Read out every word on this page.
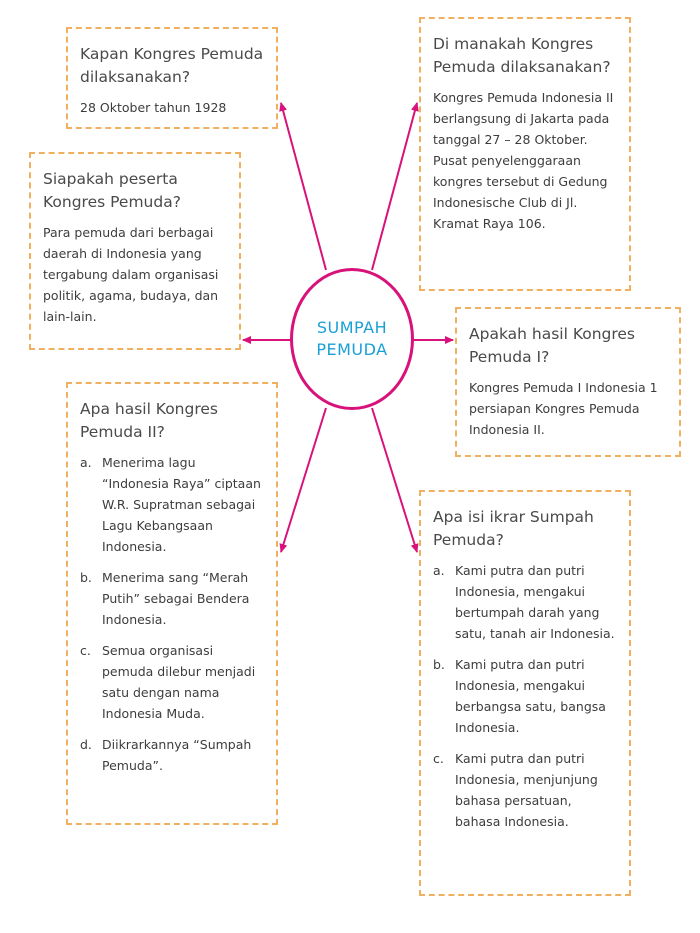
SUMPAH
PEMUDA

Kapan Kongres Pemuda dilaksanakan?

28 Oktober tahun 1928

Di manakah Kongres Pemuda dilaksanakan?

Kongres Pemuda Indonesia II berlangsung di Jakarta pada tanggal 27 – 28 Oktober. Pusat penyelenggaraan kongres tersebut di Gedung Indonesische Club di Jl. Kramat Raya 106.

Siapakah peserta Kongres Pemuda?

Para pemuda dari berbagai daerah di Indonesia yang tergabung dalam organisasi politik, agama, budaya, dan lain-lain.

Apakah hasil Kongres Pemuda I?

Kongres Pemuda I Indonesia 1 persiapan Kongres Pemuda Indonesia II.

Apa hasil Kongres Pemuda II?

a. Menerima lagu “Indonesia Raya” ciptaan W.R. Supratman sebagai Lagu Kebangsaan Indonesia.
b. Menerima sang “Merah Putih” sebagai Bendera Indonesia.
c. Semua organisasi pemuda dilebur menjadi satu dengan nama Indonesia Muda.
d. Diikrarkannya “Sumpah Pemuda”.

Apa isi ikrar Sumpah Pemuda?

a. Kami putra dan putri Indonesia, mengakui bertumpah darah yang satu, tanah air Indonesia.
b. Kami putra dan putri Indonesia, mengakui berbangsa satu, bangsa Indonesia.
c. Kami putra dan putri Indonesia, menjunjung bahasa persatuan, bahasa Indonesia.
